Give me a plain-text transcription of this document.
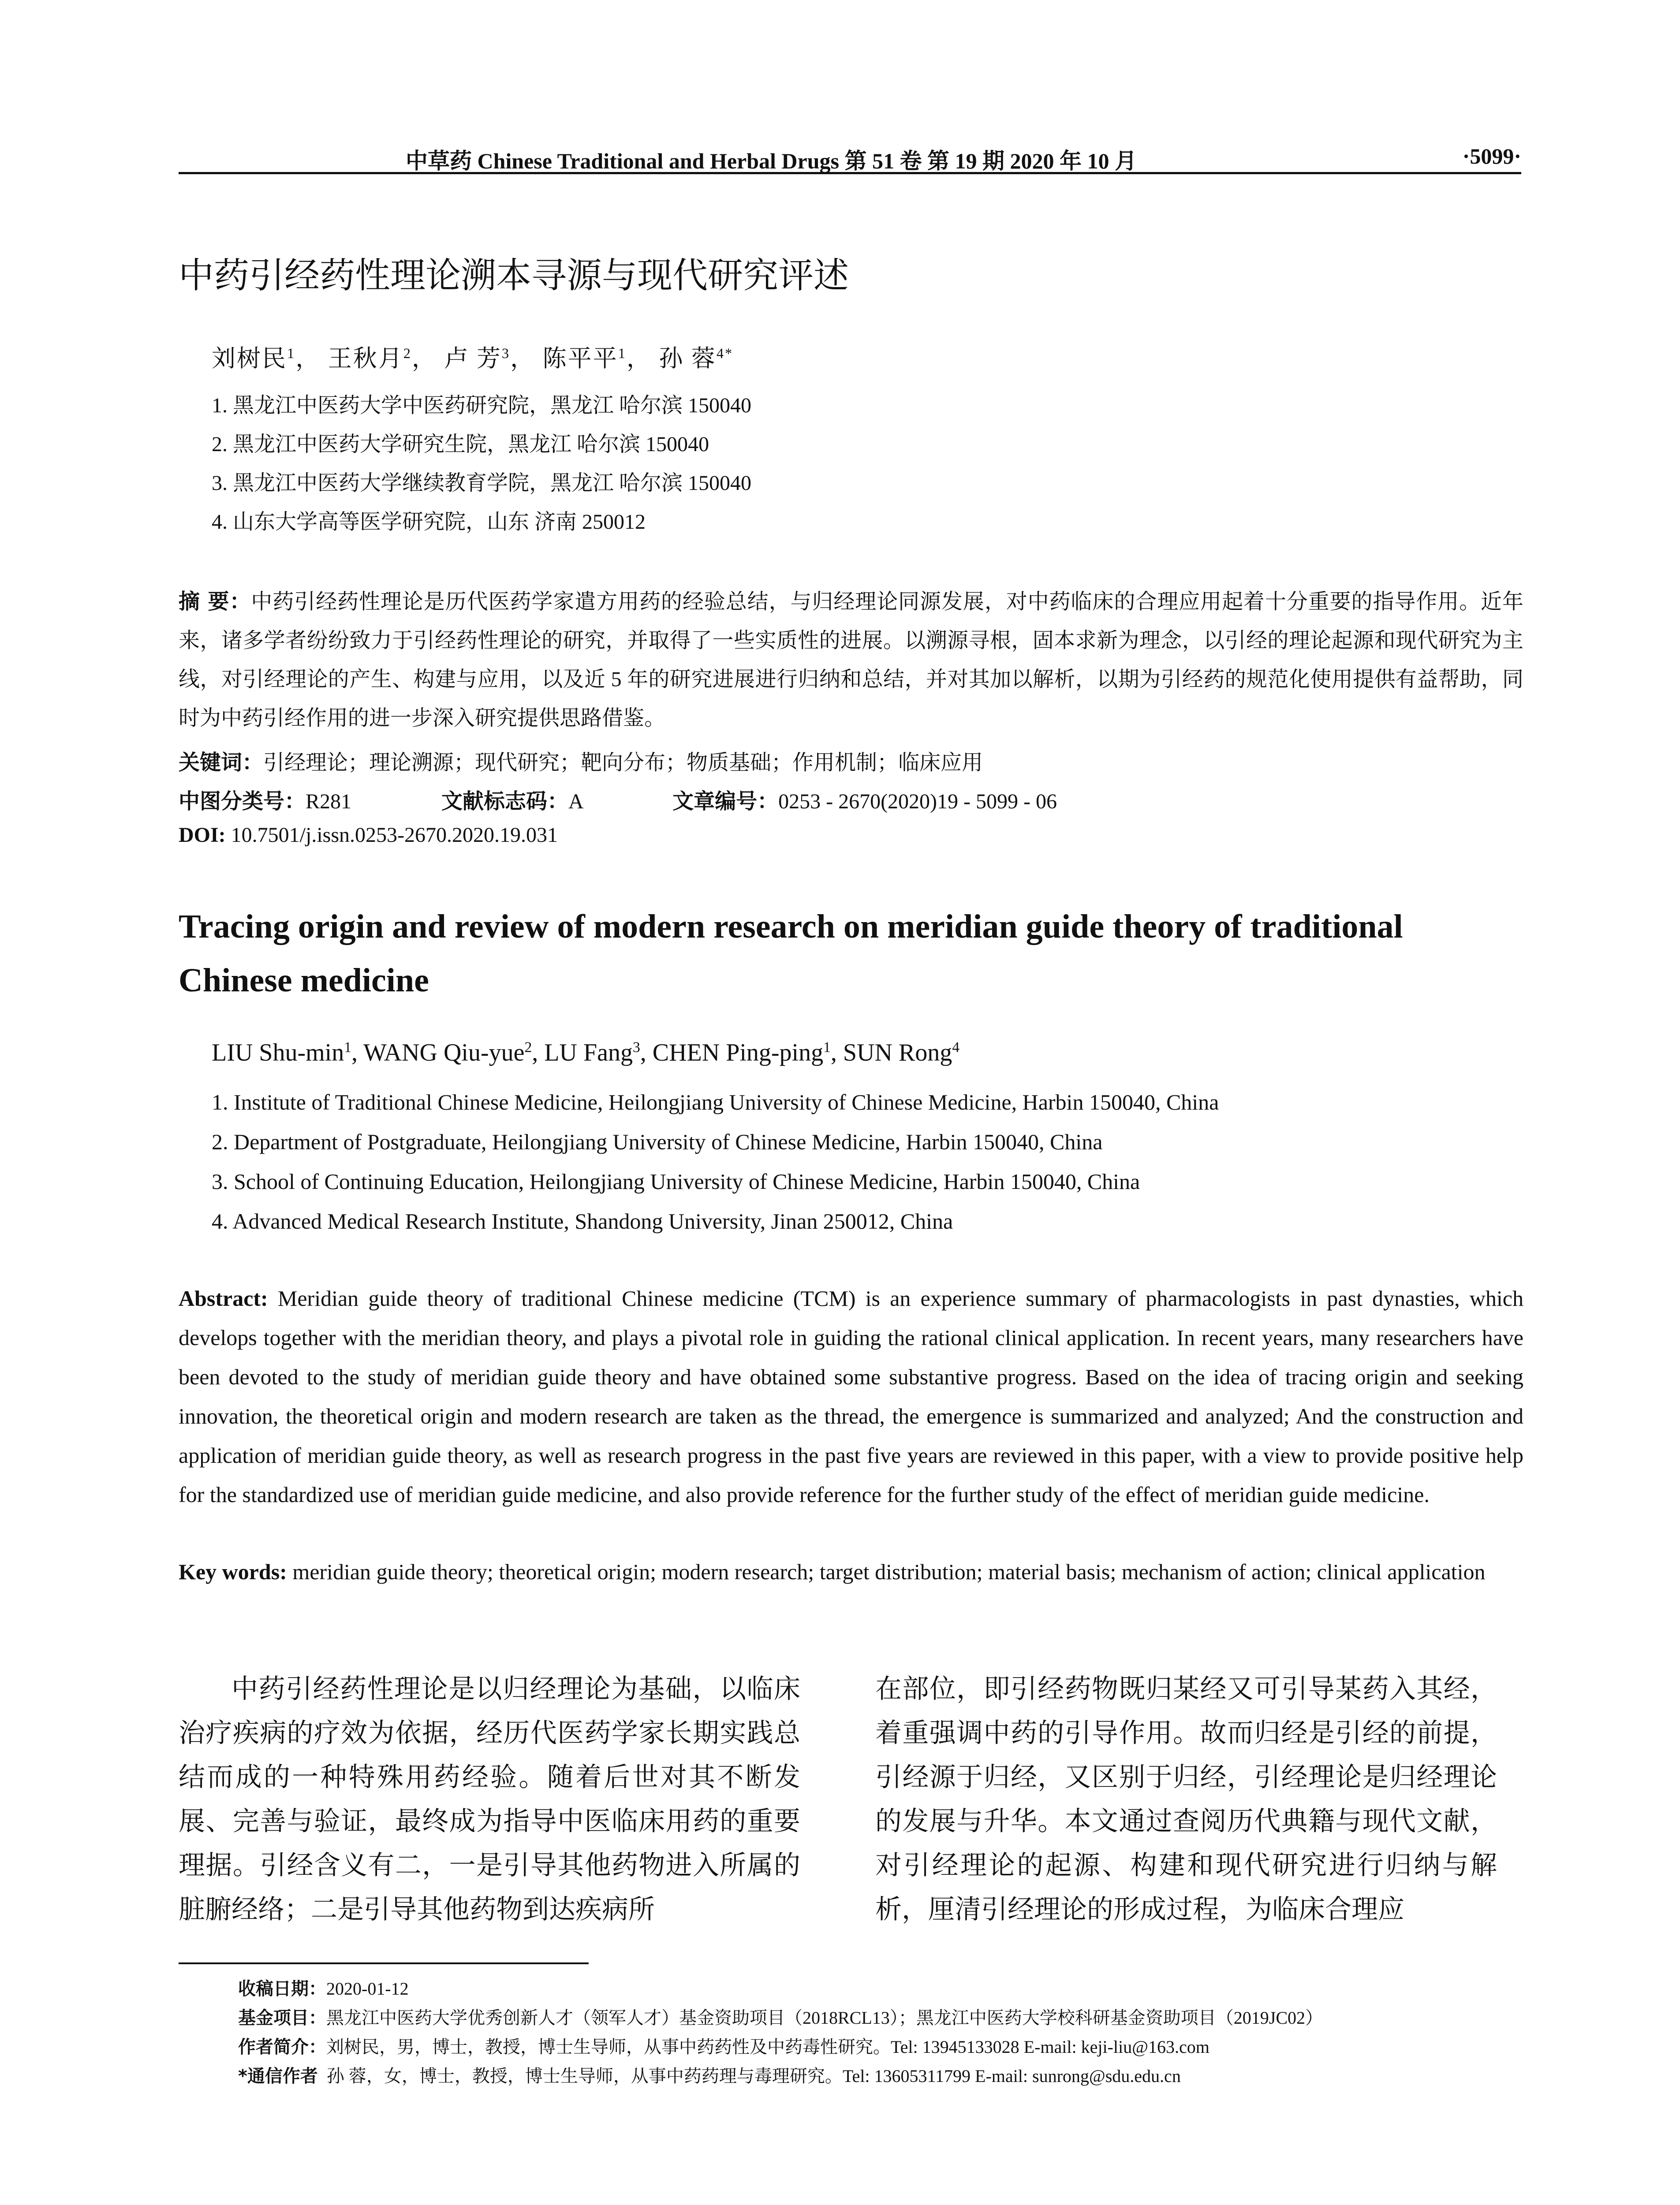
中草药 Chinese Traditional and Herbal Drugs 第 51 卷 第 19 期 2020 年 10 月	·5099·
中药引经药性理论溯本寻源与现代研究评述
刘树民$^1$， 王秋月$^2$， 卢 芳$^3$， 陈平平$^1$， 孙 蓉$^{4*}$
1. 黑龙江中医药大学中医药研究院，黑龙江 哈尔滨 150040
2. 黑龙江中医药大学研究生院，黑龙江 哈尔滨 150040
3. 黑龙江中医药大学继续教育学院，黑龙江 哈尔滨 150040
4. 山东大学高等医学研究院，山东 济南 250012
摘 要：中药引经药性理论是历代医药学家遣方用药的经验总结，与归经理论同源发展，对中药临床的合理应用起着十分重要的指导作用。近年来，诸多学者纷纷致力于引经药性理论的研究，并取得了一些实质性的进展。以溯源寻根，固本求新为理念，以引经的理论起源和现代研究为主线，对引经理论的产生、构建与应用，以及近 5 年的研究进展进行归纳和总结，并对其加以解析，以期为引经药的规范化使用提供有益帮助，同时为中药引经作用的进一步深入研究提供思路借鉴。
关键词：引经理论；理论溯源；现代研究；靶向分布；物质基础；作用机制；临床应用
中图分类号：R281	文献标志码：A	文章编号：0253 - 2670(2020)19 - 5099 - 06
DOI: 10.7501/j.issn.0253-2670.2020.19.031
Tracing origin and review of modern research on meridian guide theory of traditional Chinese medicine
LIU Shu-$\min^1$, WANG Qiu-yue$^2$, LU Fang$^3$, CHEN Ping-ping$^1$, SUN Rong$^4$
1. Institute of Traditional Chinese Medicine, Heilongjiang University of Chinese Medicine, Harbin 150040, China
2. Department of Postgraduate, Heilongjiang University of Chinese Medicine, Harbin 150040, China
3. School of Continuing Education, Heilongjiang University of Chinese Medicine, Harbin 150040, China
4. Advanced Medical Research Institute, Shandong University, Jinan 250012, China
Abstract: Meridian guide theory of traditional Chinese medicine (TCM) is an experience summary of pharmacologists in past dynasties, which develops together with the meridian theory, and plays a pivotal role in guiding the rational clinical application. In recent years, many researchers have been devoted to the study of meridian guide theory and have obtained some substantive progress. Based on the idea of tracing origin and seeking innovation, the theoretical origin and modern research are taken as the thread, the emergence is summarized and analyzed; And the construction and application of meridian guide theory, as well as research progress in the past five years are reviewed in this paper, with a view to provide positive help for the standardized use of meridian guide medicine, and also provide reference for the further study of the effect of meridian guide medicine.
Key words: meridian guide theory; theoretical origin; modern research; target distribution; material basis; mechanism of action; clinical application
中药引经药性理论是以归经理论为基础，以临床治疗疾病的疗效为依据，经历代医药学家长期实践总结而成的一种特殊用药经验。随着后世对其不断发展、完善与验证，最终成为指导中医临床用药的重要理据。引经含义有二，一是引导其他药物进入所属的脏腑经络；二是引导其他药物到达疾病所
在部位，即引经药物既归某经又可引导某药入其经，着重强调中药的引导作用。故而归经是引经的前提，引经源于归经，又区别于归经，引经理论是归经理论的发展与升华。本文通过查阅历代典籍与现代文献，对引经理论的起源、构建和现代研究进行归纳与解析，厘清引经理论的形成过程，为临床合理应
收稿日期：2020-01-12
基金项目：黑龙江中医药大学优秀创新人才（领军人才）基金资助项目（2018RCL13）；黑龙江中医药大学校科研基金资助项目（2019JC02）
作者简介：刘树民，男，博士，教授，博士生导师，从事中药药性及中药毒性研究。Tel: 13945133028 E-mail: keji-liu@163.com
*通信作者 孙 蓉，女，博士，教授，博士生导师，从事中药药理与毒理研究。Tel: 13605311799 E-mail: sunrong@sdu.edu.cn
